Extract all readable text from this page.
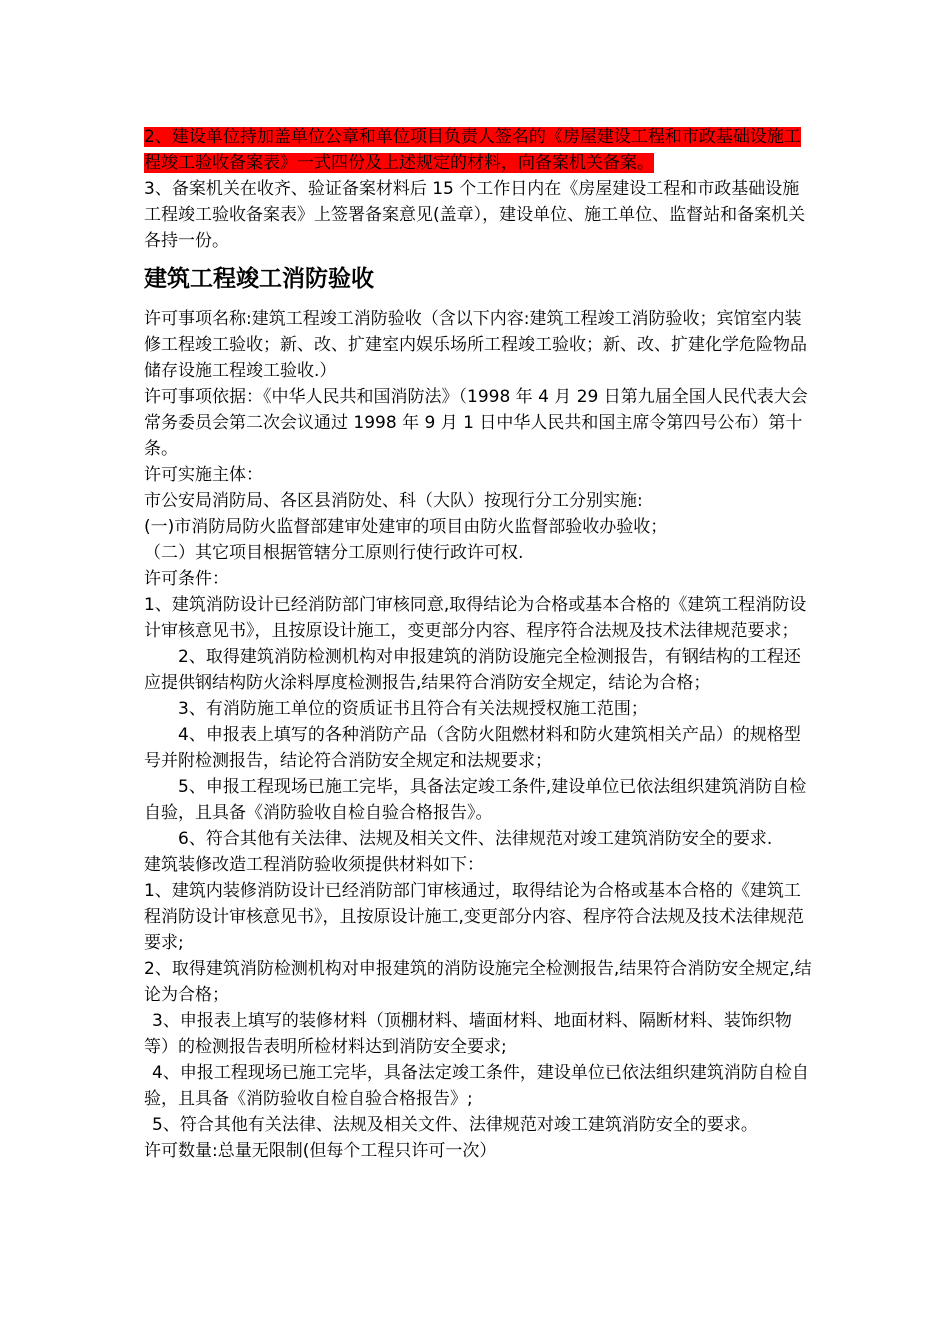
2、建设单位持加盖单位公章和单位项目负责人签名的《房屋建设工程和市政基础设施工程竣工验收备案表》一式四份及上述规定的材料，向备案机关备案。

3、备案机关在收齐、验证备案材料后 15 个工作日内在《房屋建设工程和市政基础设施工程竣工验收备案表》上签署备案意见(盖章），建设单位、施工单位、监督站和备案机关各持一份。

建筑工程竣工消防验收

许可事项名称:建筑工程竣工消防验收（含以下内容:建筑工程竣工消防验收；宾馆室内装修工程竣工验收；新、改、扩建室内娱乐场所工程竣工验收；新、改、扩建化学危险物品储存设施工程竣工验收.）

许可事项依据：《中华人民共和国消防法》（1998 年 4 月 29 日第九届全国人民代表大会常务委员会第二次会议通过 1998 年 9 月 1 日中华人民共和国主席令第四号公布）第十条。

许可实施主体：

市公安局消防局、各区县消防处、科（大队）按现行分工分别实施:

(一)市消防局防火监督部建审处建审的项目由防火监督部验收办验收；

（二）其它项目根据管辖分工原则行使行政许可权.

许可条件：

1、建筑消防设计已经消防部门审核同意,取得结论为合格或基本合格的《建筑工程消防设计审核意见书》，且按原设计施工，变更部分内容、程序符合法规及技术法律规范要求；

2、取得建筑消防检测机构对申报建筑的消防设施完全检测报告，有钢结构的工程还应提供钢结构防火涂料厚度检测报告,结果符合消防安全规定，结论为合格；

3、有消防施工单位的资质证书且符合有关法规授权施工范围；

4、申报表上填写的各种消防产品（含防火阻燃材料和防火建筑相关产品）的规格型号并附检测报告，结论符合消防安全规定和法规要求；

5、申报工程现场已施工完毕，具备法定竣工条件,建设单位已依法组织建筑消防自检自验，且具备《消防验收自检自验合格报告》。

6、符合其他有关法律、法规及相关文件、法律规范对竣工建筑消防安全的要求.

建筑装修改造工程消防验收须提供材料如下：

1、建筑内装修消防设计已经消防部门审核通过，取得结论为合格或基本合格的《建筑工程消防设计审核意见书》，且按原设计施工,变更部分内容、程序符合法规及技术法律规范要求;

2、取得建筑消防检测机构对申报建筑的消防设施完全检测报告,结果符合消防安全规定,结论为合格；

3、申报表上填写的装修材料（顶棚材料、墙面材料、地面材料、隔断材料、装饰织物等）的检测报告表明所检材料达到消防安全要求;

4、申报工程现场已施工完毕，具备法定竣工条件，建设单位已依法组织建筑消防自检自验，且具备《消防验收自检自验合格报告》;

5、符合其他有关法律、法规及相关文件、法律规范对竣工建筑消防安全的要求。

许可数量:总量无限制(但每个工程只许可一次）
